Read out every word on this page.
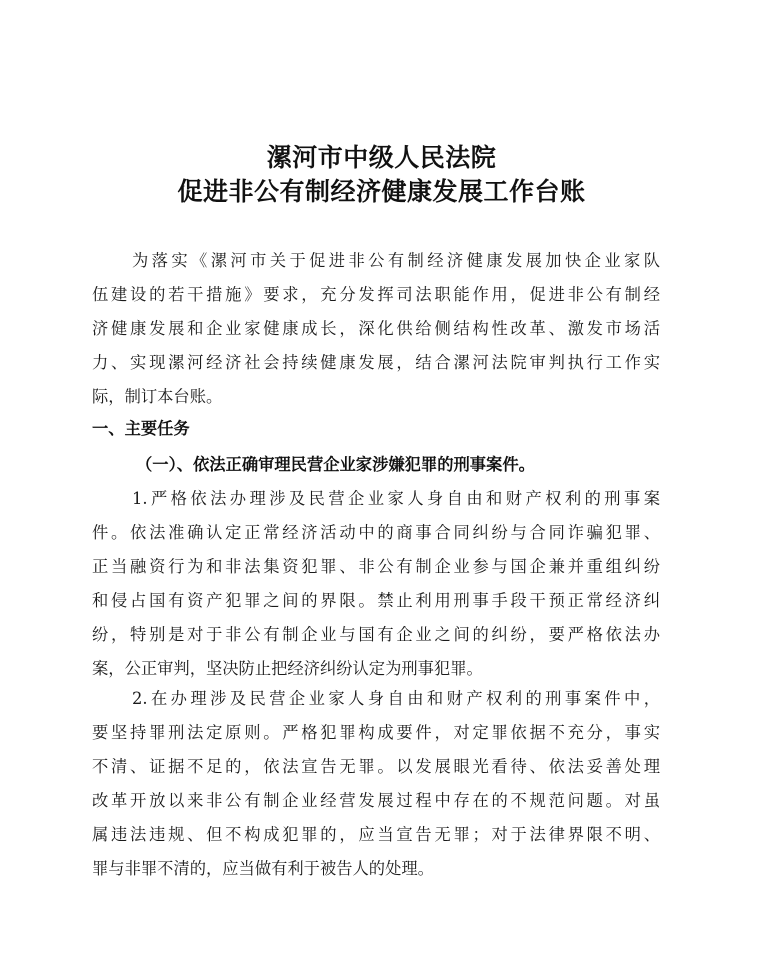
漯河市中级人民法院
促进非公有制经济健康发展工作台账
为落实《漯河市关于促进非公有制经济健康发展加快企业家队
伍建设的若干措施》要求，充分发挥司法职能作用，促进非公有制经
济健康发展和企业家健康成长，深化供给侧结构性改革、激发市场活
力、实现漯河经济社会持续健康发展，结合漯河法院审判执行工作实
际，制订本台账。
一、主要任务
（一）、依法正确审理民营企业家涉嫌犯罪的刑事案件。
1.严格依法办理涉及民营企业家人身自由和财产权利的刑事案
件。依法准确认定正常经济活动中的商事合同纠纷与合同诈骗犯罪、
正当融资行为和非法集资犯罪、非公有制企业参与国企兼并重组纠纷
和侵占国有资产犯罪之间的界限。禁止利用刑事手段干预正常经济纠
纷，特别是对于非公有制企业与国有企业之间的纠纷，要严格依法办
案，公正审判，坚决防止把经济纠纷认定为刑事犯罪。
2.在办理涉及民营企业家人身自由和财产权利的刑事案件中，
要坚持罪刑法定原则。严格犯罪构成要件，对定罪依据不充分，事实
不清、证据不足的，依法宣告无罪。以发展眼光看待、依法妥善处理
改革开放以来非公有制企业经营发展过程中存在的不规范问题。对虽
属违法违规、但不构成犯罪的，应当宣告无罪；对于法律界限不明、
罪与非罪不清的，应当做有利于被告人的处理。
